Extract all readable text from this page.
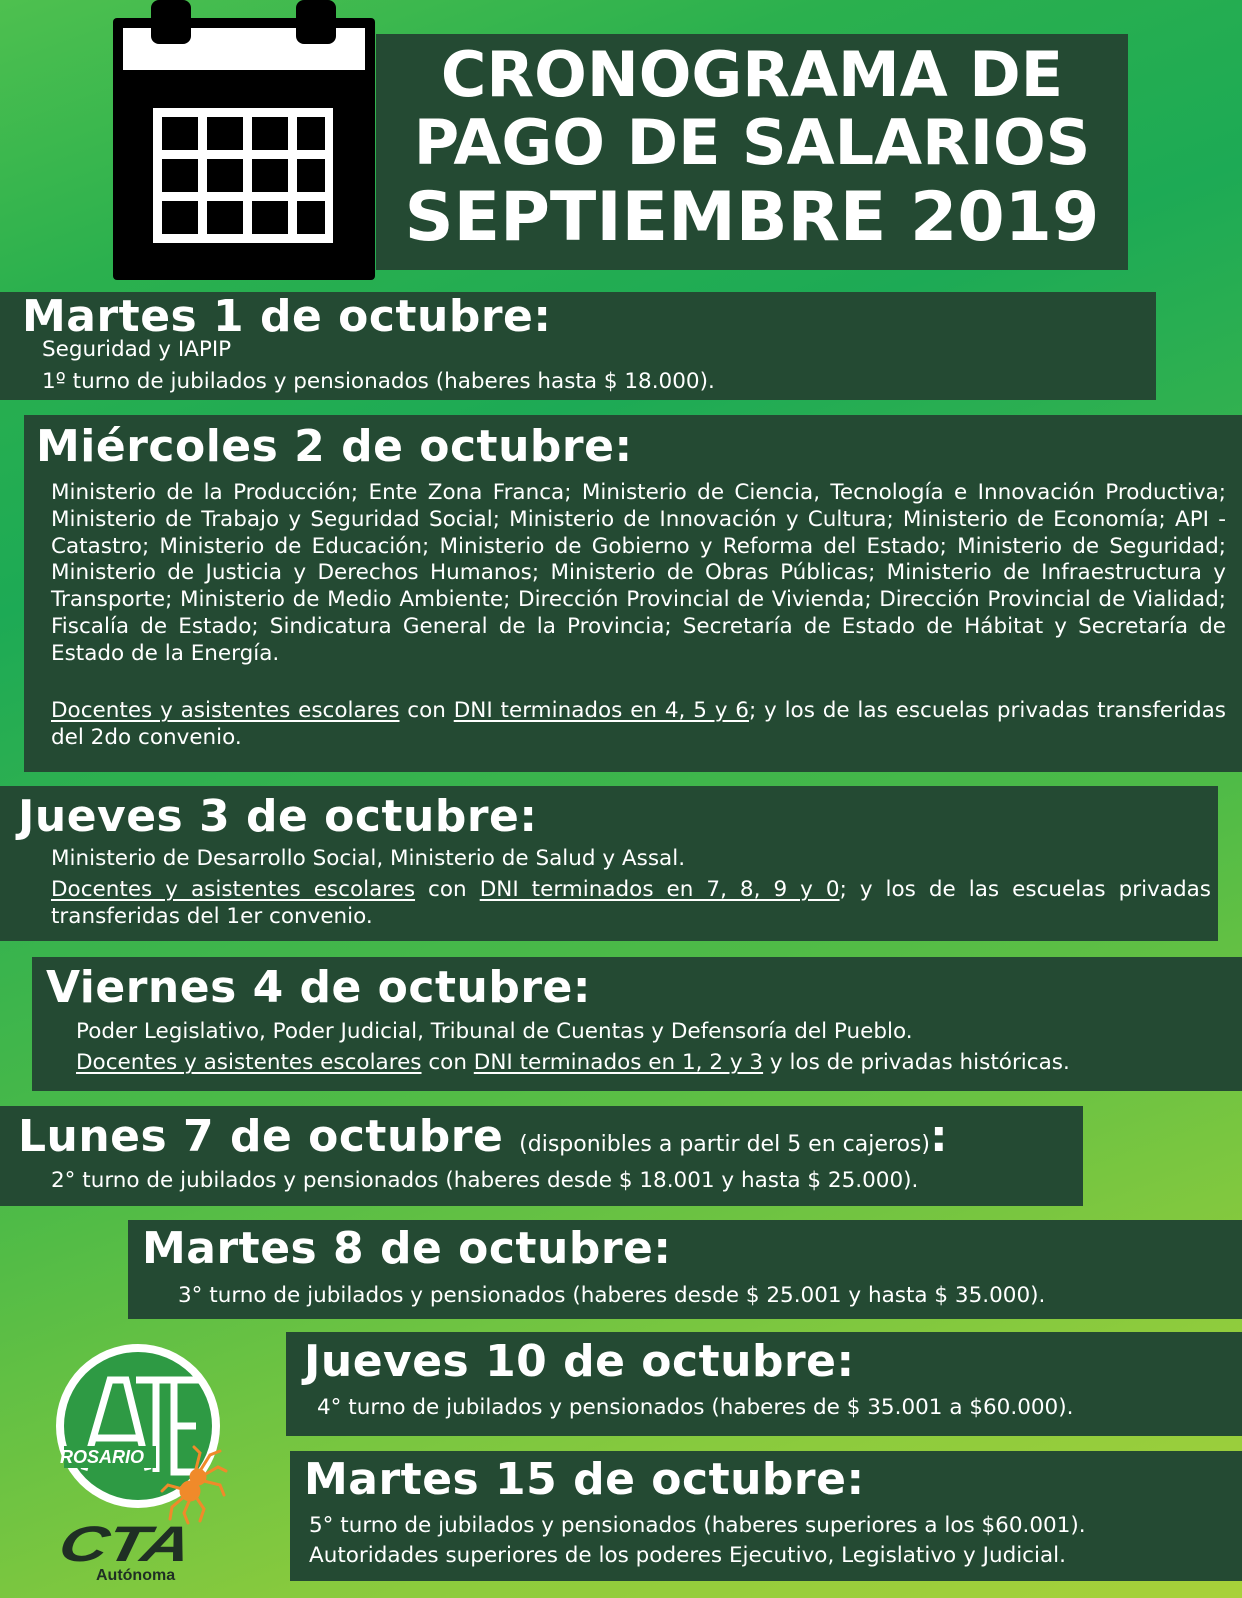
CRONOGRAMA DE
PAGO DE SALARIOS
SEPTIEMBRE 2019
Martes 1 de octubre:
Seguridad y IAPIP
1º turno de jubilados y pensionados (haberes hasta $ 18.000).
Miércoles 2 de octubre:
Ministerio de la Producción; Ente Zona Franca; Ministerio de Ciencia, Tecnología e Innovación Productiva; Ministerio de Trabajo y Seguridad Social; Ministerio de Innovación y Cultura; Ministerio de Economía; API - Catastro; Ministerio de Educación; Ministerio de Gobierno y Reforma del Estado; Ministerio de Seguridad; Ministerio de Justicia y Derechos Humanos; Ministerio de Obras Públicas; Ministerio de Infraestructura y Transporte; Ministerio de Medio Ambiente; Dirección Provincial de Vivienda; Dirección Provincial de Vialidad; Fiscalía de Estado; Sindicatura General de la Provincia; Secretaría de Estado de Hábitat y Secretaría de Estado de la Energía.
Docentes y asistentes escolares con DNI terminados en 4, 5 y 6; y los de las escuelas privadas transferidas del 2do convenio.
Jueves 3 de octubre:
Ministerio de Desarrollo Social, Ministerio de Salud y Assal.
Docentes y asistentes escolares con DNI terminados en 7, 8, 9 y 0; y los de las escuelas privadas transferidas del 1er convenio.
Viernes 4 de octubre:
Poder Legislativo, Poder Judicial, Tribunal de Cuentas y Defensoría del Pueblo.
Docentes y asistentes escolares con DNI terminados en 1, 2 y 3 y los de privadas históricas.
Lunes 7 de octubre (disponibles a partir del 5 en cajeros):
2° turno de jubilados y pensionados (haberes desde $ 18.001 y hasta $ 25.000).
Martes 8 de octubre:
3° turno de jubilados y pensionados (haberes desde $ 25.001 y hasta $ 35.000).
Jueves 10 de octubre:
4° turno de jubilados y pensionados (haberes de $ 35.001 a $60.000).
Martes 15 de octubre:
5° turno de jubilados y pensionados (haberes superiores a los $60.001).
Autoridades superiores de los poderes Ejecutivo, Legislativo y Judicial.
ROSARIO
CTA
Autónoma
